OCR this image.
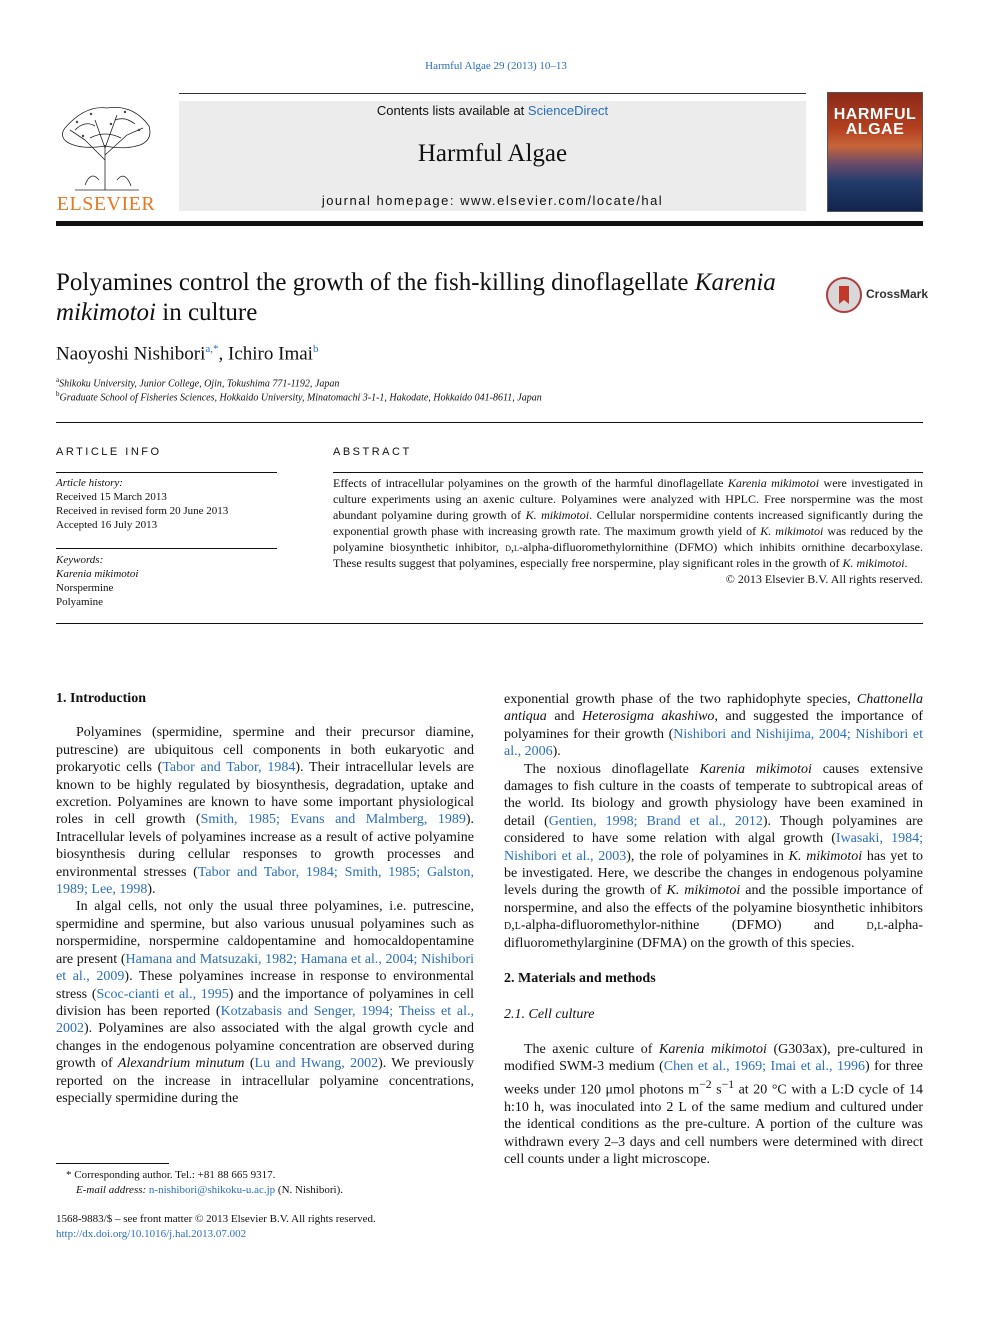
Harmful Algae 29 (2013) 10–13
ELSEVIER
Contents lists available at ScienceDirect
Harmful Algae
journal homepage: www.elsevier.com/locate/hal
HARMFUL ALGAE
Polyamines control the growth of the fish-killing dinoflagellate Karenia
mikimotoi in culture
CrossMark
Naoyoshi Nishibori$^{a,*}$, Ichiro Imai$^b$
$^a$Shikoku University, Junior College, Ojin, Tokushima 771-1192, Japan
$^b$Graduate School of Fisheries Sciences, Hokkaido University, Minatomachi 3-1-1, Hakodate, Hokkaido 041-8611, Japan
ARTICLE INFO
Article history:
Received 15 March 2013
Received in revised form 20 June 2013
Accepted 16 July 2013
Keywords:
Karenia mikimotoi
Norspermine
Polyamine
ABSTRACT
Effects of intracellular polyamines on the growth of the harmful dinoflagellate Karenia mikimotoi were investigated in culture experiments using an axenic culture. Polyamines were analyzed with HPLC. Free norspermine was the most abundant polyamine during growth of K. mikimotoi. Cellular norspermidine contents increased significantly during the exponential growth phase with increasing growth rate. The maximum growth yield of K. mikimotoi was reduced by the polyamine biosynthetic inhibitor, d,l-alpha-difluoromethylornithine (DFMO) which inhibits ornithine decarboxylase. These results suggest that polyamines, especially free norspermine, play significant roles in the growth of K. mikimotoi.
© 2013 Elsevier B.V. All rights reserved.
1. Introduction

Polyamines (spermidine, spermine and their precursor diamine, putrescine) are ubiquitous cell components in both eukaryotic and prokaryotic cells (Tabor and Tabor, 1984). Their intracellular levels are known to be highly regulated by biosynthesis, degradation, uptake and excretion. Polyamines are known to have some important physiological roles in cell growth (Smith, 1985; Evans and Malmberg, 1989). Intracellular levels of polyamines increase as a result of active polyamine biosynthesis during cellular responses to growth processes and environmental stresses (Tabor and Tabor, 1984; Smith, 1985; Galston, 1989; Lee, 1998).

In algal cells, not only the usual three polyamines, i.e. putrescine, spermidine and spermine, but also various unusual polyamines such as norspermidine, norspermine caldopentamine and homocaldopentamine are present (Hamana and Matsuzaki, 1982; Hamana et al., 2004; Nishibori et al., 2009). These polyamines increase in response to environmental stress (Scoc-cianti et al., 1995) and the importance of polyamines in cell division has been reported (Kotzabasis and Senger, 1994; Theiss et al., 2002). Polyamines are also associated with the algal growth cycle and changes in the endogenous polyamine concentration are observed during growth of Alexandrium minutum (Lu and Hwang, 2002). We previously reported on the increase in intracellular polyamine concentrations, especially spermidine during the

exponential growth phase of the two raphidophyte species, Chattonella antiqua and Heterosigma akashiwo, and suggested the importance of polyamines for their growth (Nishibori and Nishijima, 2004; Nishibori et al., 2006).

The noxious dinoflagellate Karenia mikimotoi causes extensive damages to fish culture in the coasts of temperate to subtropical areas of the world. Its biology and growth physiology have been examined in detail (Gentien, 1998; Brand et al., 2012). Though polyamines are considered to have some relation with algal growth (Iwasaki, 1984; Nishibori et al., 2003), the role of polyamines in K. mikimotoi has yet to be investigated. Here, we describe the changes in endogenous polyamine levels during the growth of K. mikimotoi and the possible importance of norspermine, and also the effects of the polyamine biosynthetic inhibitors d,l-alpha-difluoromethylor-nithine (DFMO) and d,l-alpha-difluoromethylarginine (DFMA) on the growth of this species.

2. Materials and methods
2.1. Cell culture

The axenic culture of Karenia mikimotoi (G303ax), pre-cultured in modified SWM-3 medium (Chen et al., 1969; Imai et al., 1996) for three weeks under 120 μmol photons $m^{-2}$ $s^{-1}$ at 20 °C with a L:D cycle of 14 h:10 h, was inoculated into 2 L of the same medium and cultured under the identical conditions as the pre-culture. A portion of the culture was withdrawn every 2–3 days and cell numbers were determined with direct cell counts under a light microscope.

* Corresponding author. Tel.: +81 88 665 9317.
E-mail address: n-nishibori@shikoku-u.ac.jp (N. Nishibori).
1568-9883/$ – see front matter © 2013 Elsevier B.V. All rights reserved.
http://dx.doi.org/10.1016/j.hal.2013.07.002
